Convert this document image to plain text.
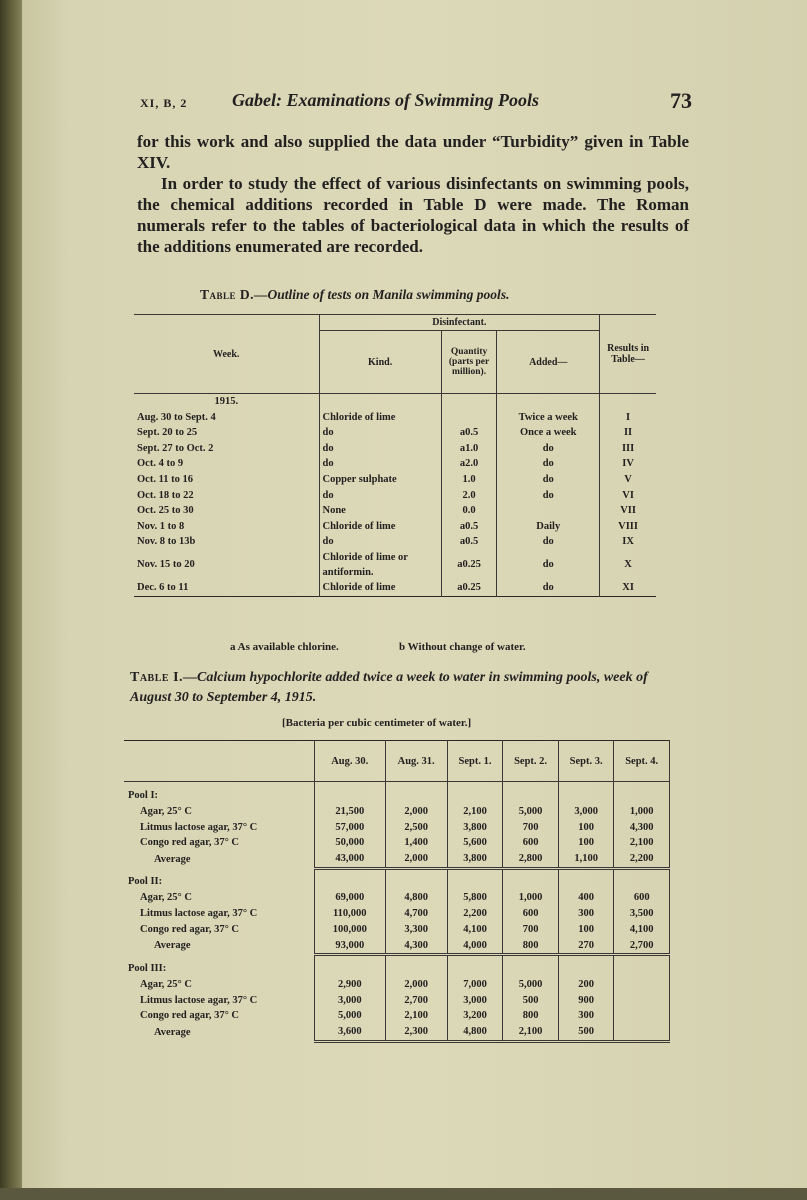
XI, B, 2 Gabel: Examinations of Swimming Pools	73

for this work and also supplied the data under “Turbidity” given in Table XIV.

In order to study the effect of various disinfectants on swimming pools, the chemical additions recorded in Table D were made. The Roman numerals refer to the tables of bacteriological data in which the results of the additions enumerated are recorded.

Table D.—Outline of tests on Manila swimming pools.
Week.	Disinfectant.			Results in Table—
	Kind.	Quantity (parts per million).	Added—	
1915.				
Aug. 30 to Sept. 4	Chloride of lime		Twice a week	I
Sept. 20 to 25	do	a0.5	Once a week	II
Sept. 27 to Oct. 2	do	a1.0	do	III
Oct. 4 to 9	do	a2.0	do	IV
Oct. 11 to 16	Copper sulphate	1.0	do	V
Oct. 18 to 22	do	2.0	do	VI
Oct. 25 to 30	None	0.0		VII
Nov. 1 to 8	Chloride of lime	a0.5	Daily	VIII
Nov. 8 to 13b	do	a0.5	do	IX
Nov. 15 to 20	Chloride of lime or antiformin.	a0.25	do	X
Dec. 6 to 11	Chloride of lime	a0.25	do	XI
a As available chlorine.	b Without change of water.
Table I.—Calcium hypochlorite added twice a week to water in swimming pools, week of August 30 to September 4, 1915.
[Bacteria per cubic centimeter of water.]
	Aug. 30.	Aug. 31.	Sept. 1.	Sept. 2.	Sept. 3.	Sept. 4.
Pool I:						
Agar, 25° C	21,500	2,000	2,100	5,000	3,000	1,000
Litmus lactose agar, 37° C	57,000	2,500	3,800	700	100	4,300
Congo red agar, 37° C	50,000	1,400	5,600	600	100	2,100
Average	43,000	2,000	3,800	2,800	1,100	2,200
Pool II:						
Agar, 25° C	69,000	4,800	5,800	1,000	400	600
Litmus lactose agar, 37° C	110,000	4,700	2,200	600	300	3,500
Congo red agar, 37° C	100,000	3,300	4,100	700	100	4,100
Average	93,000	4,300	4,000	800	270	2,700
Pool III:						
Agar, 25° C	2,900	2,000	7,000	5,000	200	
Litmus lactose agar, 37° C	3,000	2,700	3,000	500	900	
Congo red agar, 37° C	5,000	2,100	3,200	800	300	
Average	3,600	2,300	4,800	2,100	500	
